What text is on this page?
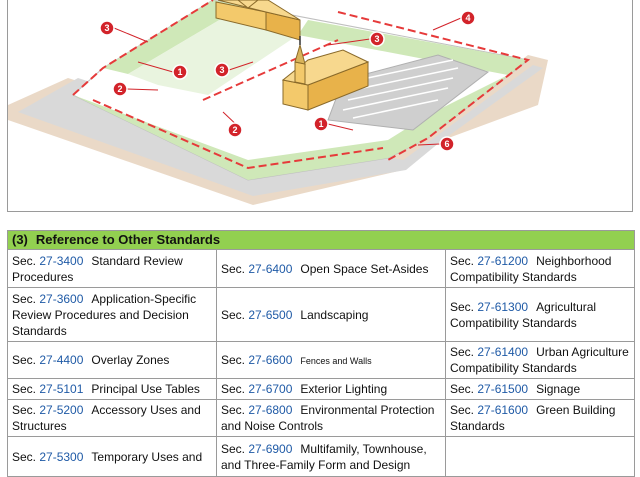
3
4
3
1	3
2
1
2
6
(3) Reference to Other Standards		
Sec. 27-3400 Standard Review Procedures	Sec. 27-6400 Open Space Set-Asides	Sec. 27-61200 Neighborhood Compatibility Standards
Sec. 27-3600 Application-Specific Review Procedures and Decision Standards	Sec. 27-6500 Landscaping	Sec. 27-61300 Agricultural Compatibility Standards
Sec. 27-4400 Overlay Zones	Sec. 27-6600 Fences and Walls	Sec. 27-61400 Urban Agriculture Compatibility Standards
Sec. 27-5101 Principal Use Tables	Sec. 27-6700 Exterior Lighting	Sec. 27-61500 Signage
Sec. 27-5200 Accessory Uses and Structures	Sec. 27-6800 Environmental Protection and Noise Controls	Sec. 27-61600 Green Building Standards
Sec. 27-5300 Temporary Uses and	Sec. 27-6900 Multifamily, Townhouse, and Three-Family Form and Design	
